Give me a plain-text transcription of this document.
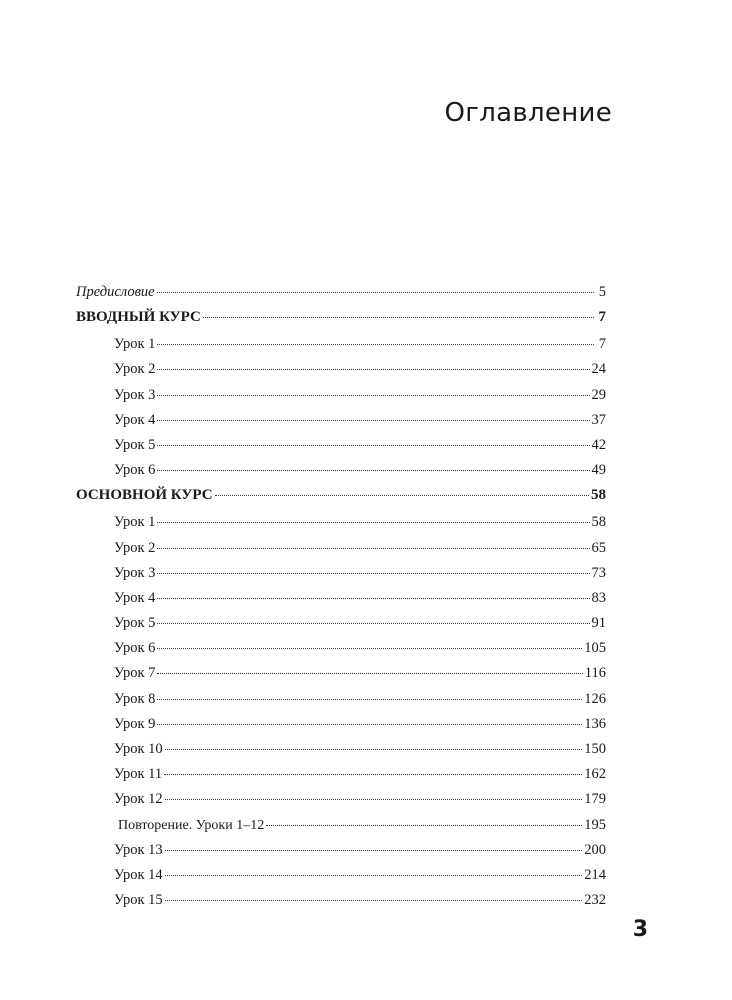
Оглавление
Предисловие	5
ВВОДНЫЙ КУРС	7
Урок 1	7
Урок 2	24
Урок 3	29
Урок 4	37
Урок 5	42
Урок 6	49
ОСНОВНОЙ КУРС	58
Урок 1	58
Урок 2	65
Урок 3	73
Урок 4	83
Урок 5	91
Урок 6	105
Урок 7	116
Урок 8	126
Урок 9	136
Урок 10	150
Урок 11	162
Урок 12	179
Повторение. Уроки 1–12	195
Урок 13	200
Урок 14	214
Урок 15	232
3
